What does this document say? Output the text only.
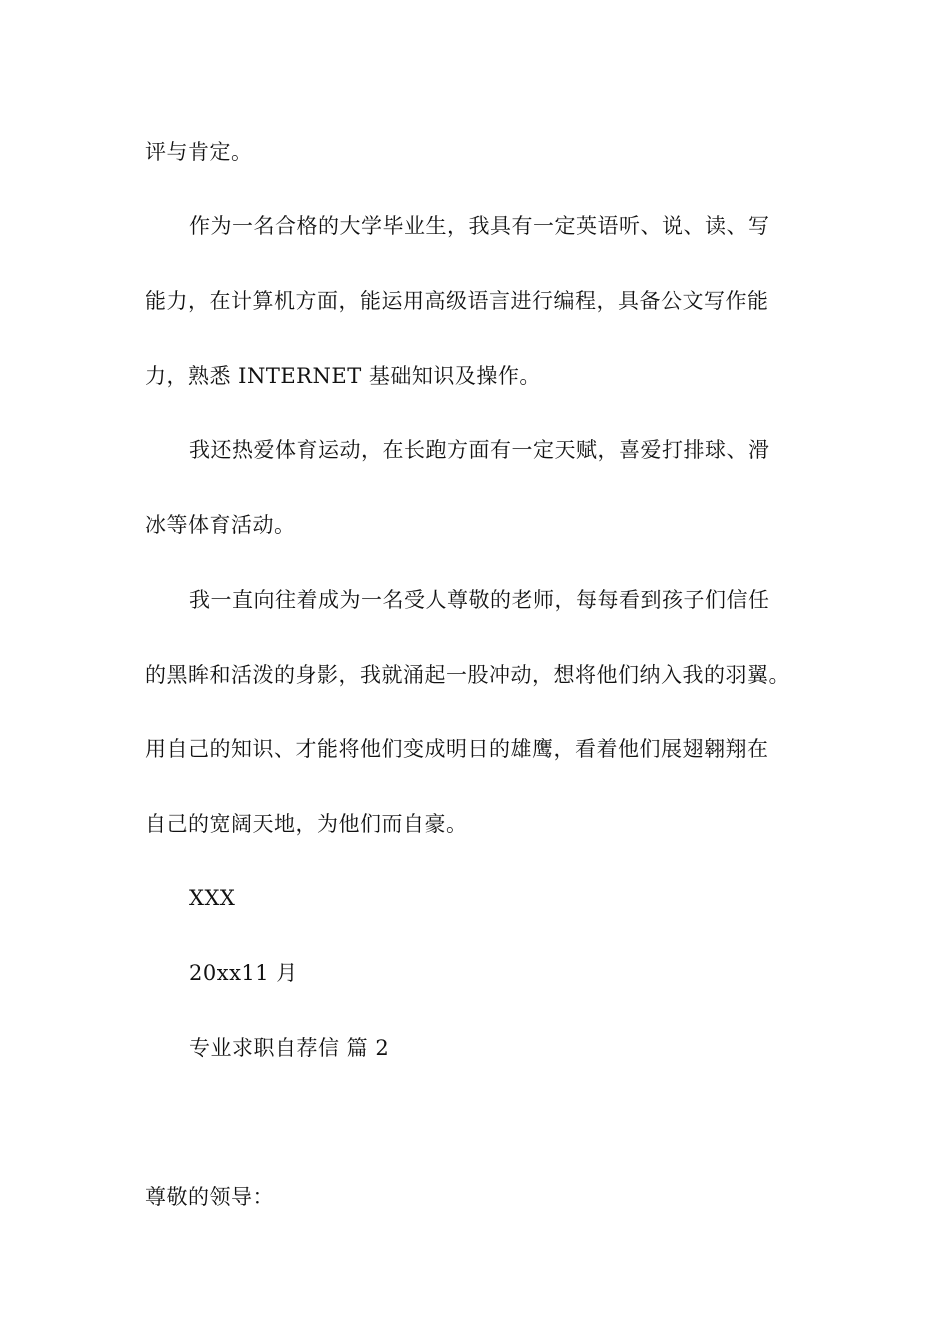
评与肯定。
作为一名合格的大学毕业生，我具有一定英语听、说、读、写
能力，在计算机方面，能运用高级语言进行编程，具备公文写作能
力，熟悉 INTERNET 基础知识及操作。
我还热爱体育运动，在长跑方面有一定天赋，喜爱打排球、滑
冰等体育活动。
我一直向往着成为一名受人尊敬的老师，每每看到孩子们信任
的黑眸和活泼的身影，我就涌起一股冲动，想将他们纳入我的羽翼。
用自己的知识、才能将他们变成明日的雄鹰，看着他们展翅翱翔在
自己的宽阔天地，为他们而自豪。
XXX
20xx11 月
专业求职自荐信 篇 2
尊敬的领导：
